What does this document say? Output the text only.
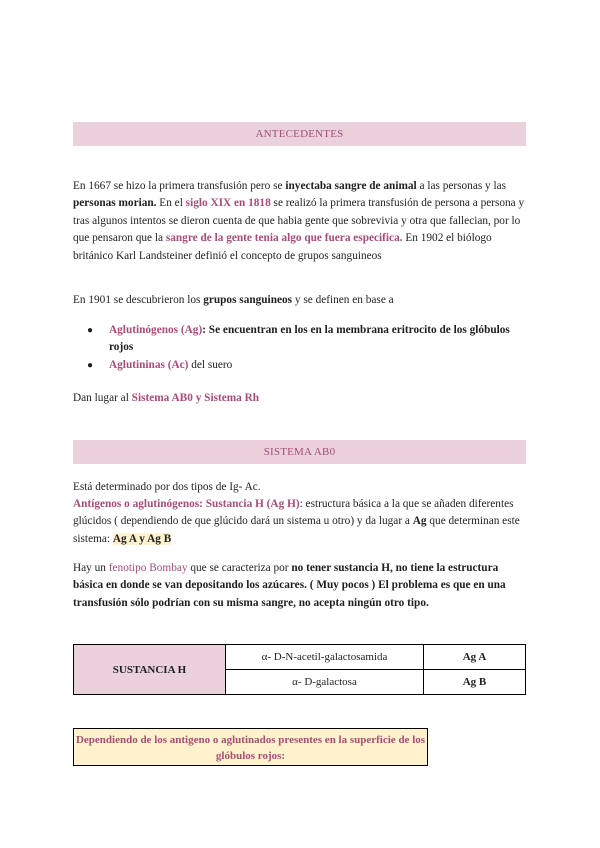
ANTECEDENTES
En 1667 se hizo la primera transfusión pero se inyectaba sangre de animal a las personas y las personas morian. En el siglo XIX en 1818 se realizó la primera transfusión de persona a persona y tras algunos intentos se dieron cuenta de que habia gente que sobrevivia y otra que fallecian, por lo que pensaron que la sangre de la gente tenia algo que fuera especifica. En 1902 el biólogo británico Karl Landsteiner definió el concepto de grupos sanguineos
En 1901 se descubrieron los grupos sanguineos y se definen en base a
● Aglutinógenos (Ag): Se encuentran en los en la membrana eritrocito de los glóbulos rojos
● Aglutininas (Ac) del suero
Dan lugar al Sistema AB0 y Sistema Rh
SISTEMA AB0
Está determinado por dos tipos de Ig- Ac.
Antígenos o aglutinógenos: Sustancia H (Ag H): estructura básica a la que se añaden diferentes glúcidos ( dependiendo de que glúcido dará un sistema u otro) y da lugar a Ag que determinan este sistema: Ag A y Ag B
Hay un fenotipo Bombay que se caracteriza por no tener sustancia H, no tiene la estructura básica en donde se van depositando los azúcares. ( Muy pocos ) El problema es que en una transfusión sólo podrían con su misma sangre, no acepta ningún otro tipo.
SUSTANCIA H	α- D-N-acetil-galactosamida	Ag A
	α- D-galactosa	Ag B
Dependiendo de los antigeno o aglutinados presentes en la superficie de los glóbulos rojos:
